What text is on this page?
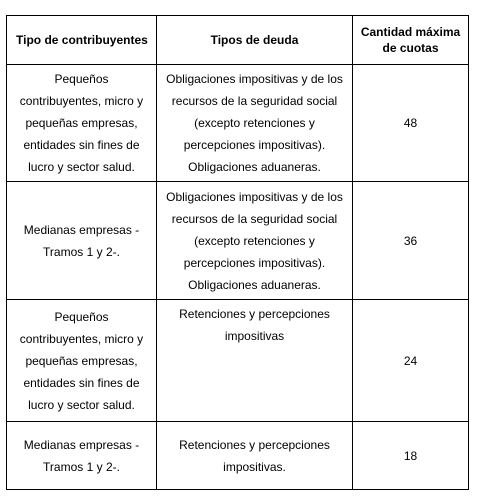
Tipo de contribuyentes	Tipos de deuda	Cantidad máxima de cuotas
Pequeños contribuyentes, micro y pequeñas empresas, entidades sin fines de lucro y sector salud.	Obligaciones impositivas y de los recursos de la seguridad social (excepto retenciones y percepciones impositivas). Obligaciones aduaneras.	48
Medianas empresas - Tramos 1 y 2-.	Obligaciones impositivas y de los recursos de la seguridad social (excepto retenciones y percepciones impositivas). Obligaciones aduaneras.	36
Pequeños contribuyentes, micro y pequeñas empresas, entidades sin fines de lucro y sector salud.	Retenciones y percepciones impositivas	24
Medianas empresas - Tramos 1 y 2-.	Retenciones y percepciones impositivas.	18
